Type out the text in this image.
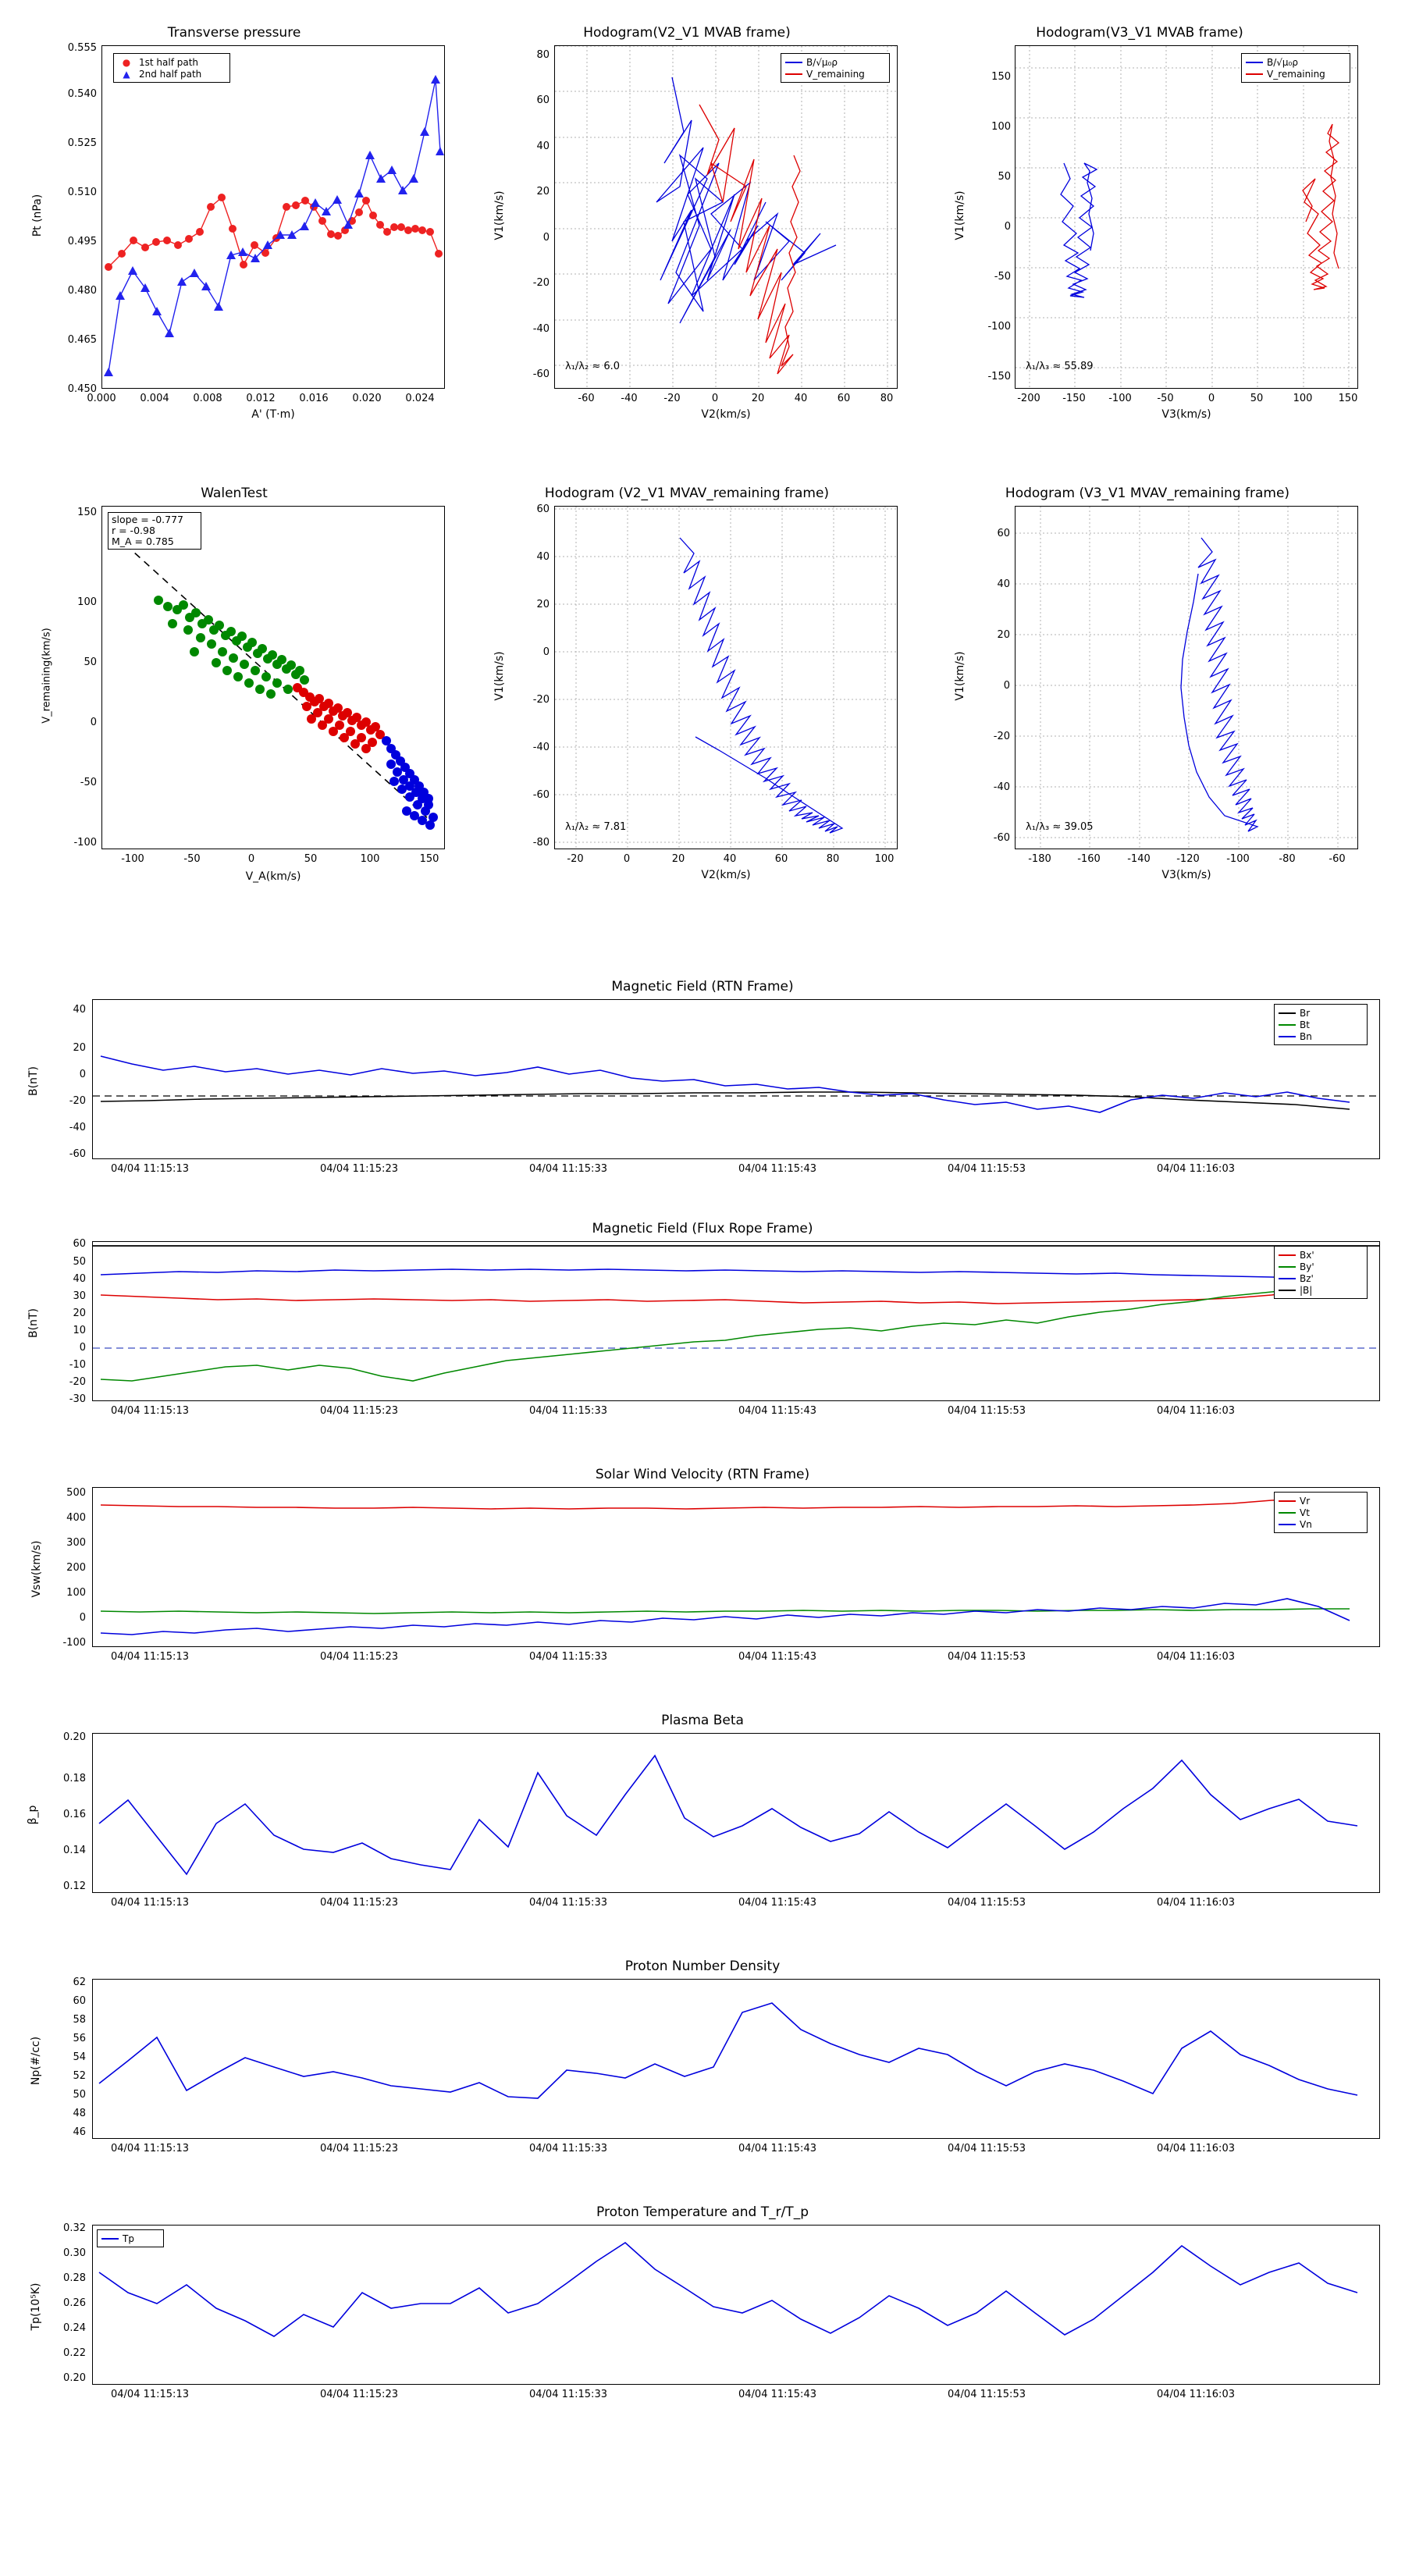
Transverse pressure
● 1st half path
▲ 2nd half path
0.450
0.465
0.480
0.495
0.510
0.525
0.540
0.555
0.000	0.004	0.008	0.012	0.016	0.020	0.024
A' (T·m)
Pt (nPa)
Hodogram(V2_V1 MVAB frame)
B/√μ₀ρ
V_remaining
λ₁/λ₂ ≈ 6.0
-60
-40
-20
0
20
40
60
80
-60	-40	-20	0	20	40	60	80
V2(km/s)
V1(km/s)
Hodogram(V3_V1 MVAB frame)
B/√μ₀ρ
V_remaining
λ₁/λ₃ ≈ 55.89
-150
-100
-50
0
50
100
150
-200	-150	-100	-50	0	50	100	150
V3(km/s)
V1(km/s)
WalenTest
slope = -0.777
r = -0.98
M_A = 0.785
-100
-50
0
50
100
150
-100	-50	0	50	100	150
V_A(km/s)
V_remaining(km/s)
Hodogram (V2_V1 MVAV_remaining frame)
λ₁/λ₂ ≈ 7.81
-80
-60
-40
-20
0
20
40
60
-20	0	20	40	60	80	100
V2(km/s)
V1(km/s)
Hodogram (V3_V1 MVAV_remaining frame)
λ₁/λ₃ ≈ 39.05
-60
-40
-20
0
20
40
60
-180	-160	-140	-120	-100	-80	-60
V3(km/s)
V1(km/s)
Magnetic Field (RTN Frame)
Br
Bt
Bn
-60
-40
-20
0
20
40
04/04 11:15:13	04/04 11:15:23	04/04 11:15:33	04/04 11:15:43	04/04 11:15:53	04/04 11:16:03
B(nT)
Magnetic Field (Flux Rope Frame)
Bx'
By'
Bz'
|B|
-30
-20
-10
0
10
20
30
40
50
60
04/04 11:15:13	04/04 11:15:23	04/04 11:15:33	04/04 11:15:43	04/04 11:15:53	04/04 11:16:03
B(nT)
Solar Wind Velocity (RTN Frame)
Vr
Vt
Vn
-100
0
100
200
300
400
500
04/04 11:15:13	04/04 11:15:23	04/04 11:15:33	04/04 11:15:43	04/04 11:15:53	04/04 11:16:03
Vsw(km/s)
Plasma Beta
0.12
0.14
0.16
0.18
0.20
04/04 11:15:13	04/04 11:15:23	04/04 11:15:33	04/04 11:15:43	04/04 11:15:53	04/04 11:16:03
β_p
Proton Number Density
46
48
50
52
54
56
58
60
62
04/04 11:15:13	04/04 11:15:23	04/04 11:15:33	04/04 11:15:43	04/04 11:15:53	04/04 11:16:03
Np(#/cc)
Proton Temperature and T_r/T_p
Tp
0.20
0.22
0.24
0.26
0.28
0.30
0.32
04/04 11:15:13	04/04 11:15:23	04/04 11:15:33	04/04 11:15:43	04/04 11:15:53	04/04 11:16:03
Tp(10⁵K)
